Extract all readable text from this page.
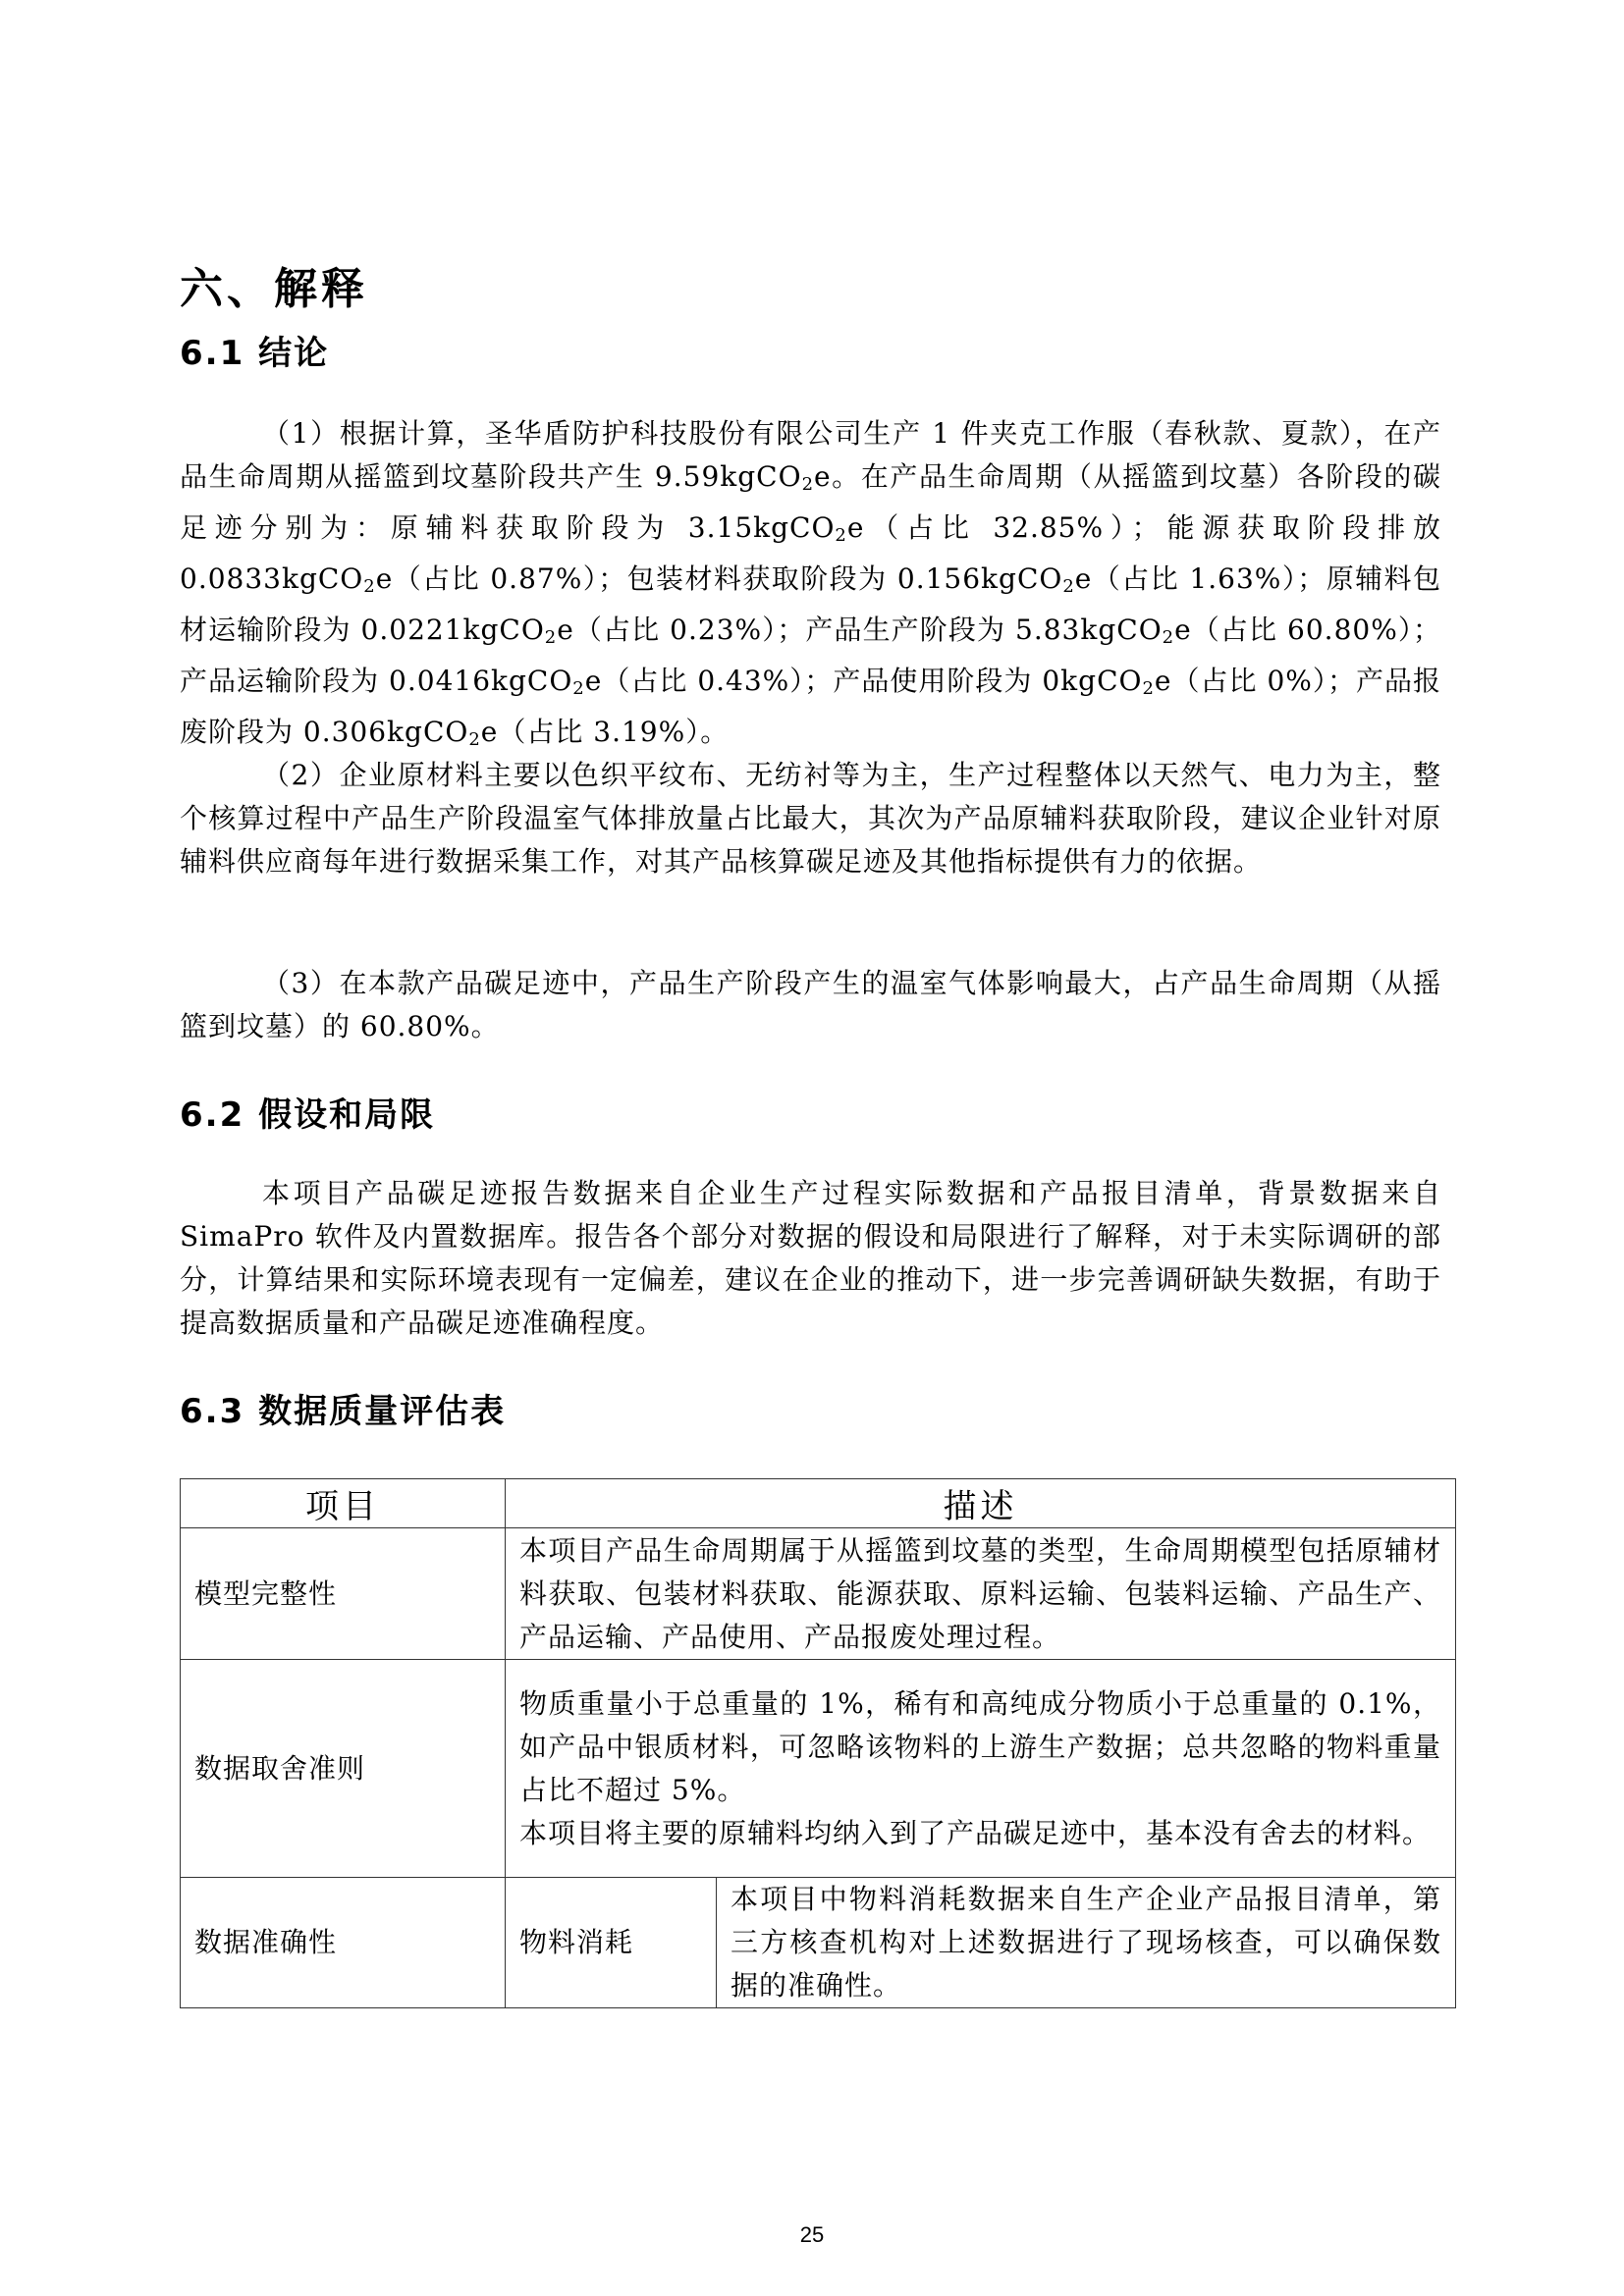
六、解释
6.1 结论

（1）根据计算，圣华盾防护科技股份有限公司生产 1 件夹克工作服（春秋款、夏款），在产品生命周期从摇篮到坟墓阶段共产生 9.59kgCO$_2$e。在产品生命周期（从摇篮到坟墓）各阶段的碳足迹分别为：原辅料获取阶段为 3.15kgCO$_2$e（占比 32.85%）；能源获取阶段排放 0.0833kgCO$_2$e（占比 0.87%）；包装材料获取阶段为 0.156kgCO$_2$e（占比 1.63%）；原辅料包材运输阶段为 0.0221kgCO$_2$e（占比 0.23%）；产品生产阶段为 5.83kgCO$_2$e（占比 60.80%）；产品运输阶段为 0.0416kgCO$_2$e（占比 0.43%）；产品使用阶段为 0kgCO$_2$e（占比 0%）；产品报废阶段为 0.306kgCO$_2$e（占比 3.19%）。

（2）企业原材料主要以色织平纹布、无纺衬等为主，生产过程整体以天然气、电力为主，整个核算过程中产品生产阶段温室气体排放量占比最大，其次为产品原辅料获取阶段，建议企业针对原辅料供应商每年进行数据采集工作，对其产品核算碳足迹及其他指标提供有力的依据。

（3）在本款产品碳足迹中，产品生产阶段产生的温室气体影响最大，占产品生命周期（从摇篮到坟墓）的 60.80%。

6.2 假设和局限

本项目产品碳足迹报告数据来自企业生产过程实际数据和产品报目清单，背景数据来自 SimaPro 软件及内置数据库。报告各个部分对数据的假设和局限进行了解释，对于未实际调研的部分，计算结果和实际环境表现有一定偏差，建议在企业的推动下，进一步完善调研缺失数据，有助于提高数据质量和产品碳足迹准确程度。

6.3 数据质量评估表
项目	描述	
模型完整性	本项目产品生命周期属于从摇篮到坟墓的类型，生命周期模型包括原辅材料获取、包装材料获取、能源获取、原料运输、包装料运输、产品生产、产品运输、产品使用、产品报废处理过程。	
数据取舍准则	物质重量小于总重量的 1%，稀有和高纯成分物质小于总重量的 0.1%，如产品中银质材料，可忽略该物料的上游生产数据；总共忽略的物料重量占比不超过 5%。
本项目将主要的原辅料均纳入到了产品碳足迹中，基本没有舍去的材料。	

数据准确性	物料消耗	本项目中物料消耗数据来自生产企业产品报目清单，第三方核查机构对上述数据进行了现场核查，可以确保数据的准确性。
25
